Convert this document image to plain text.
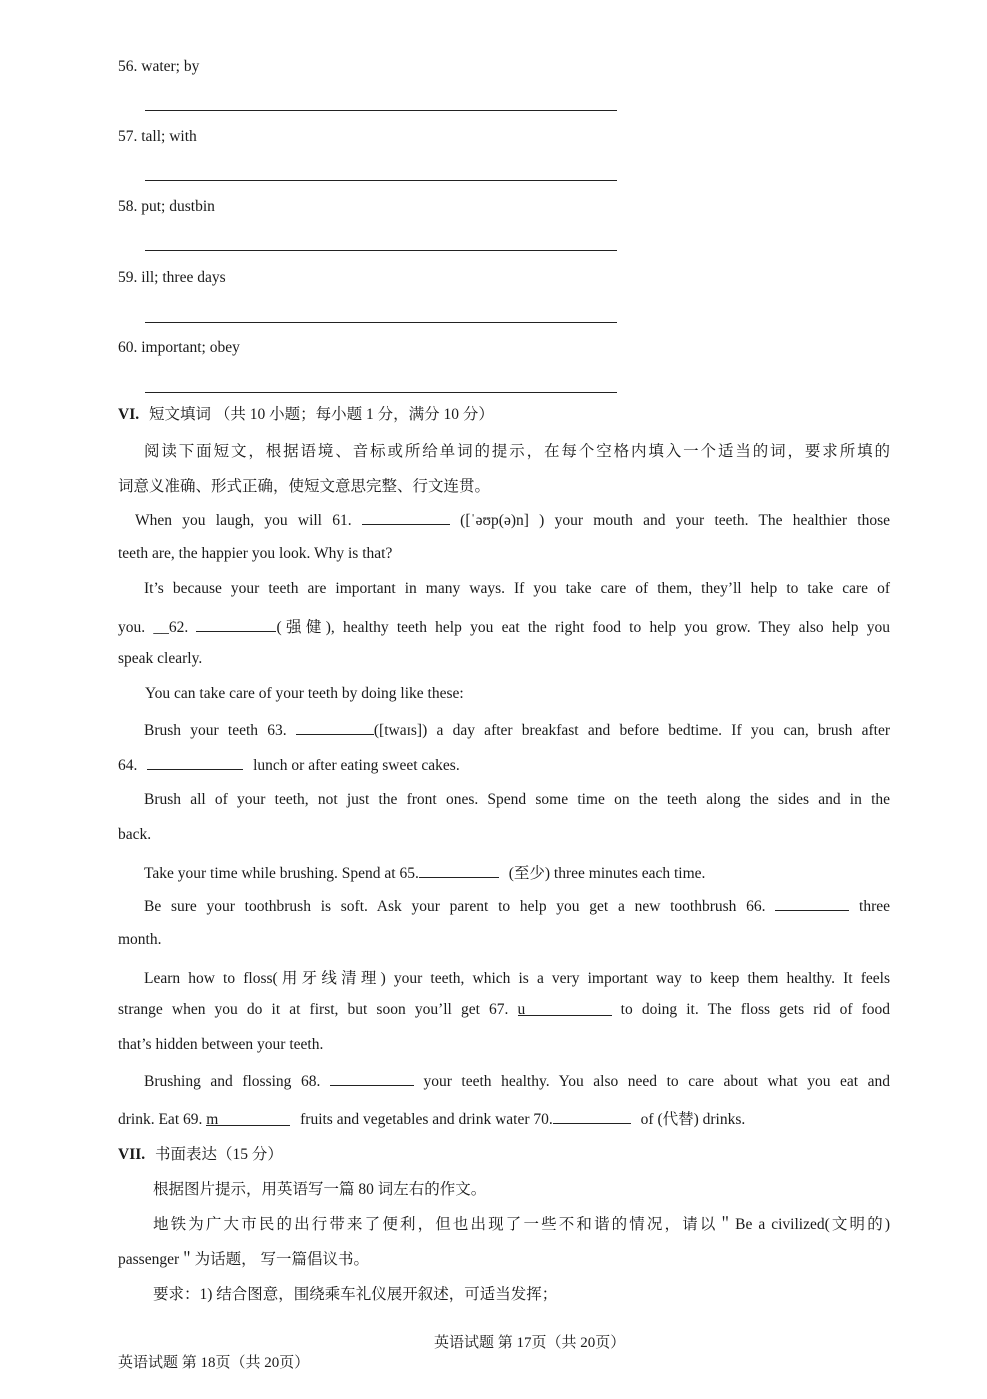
56. water; by
57. tall; with
58. put; dustbin
59. ill; three days
60. important; obey
VI. 短文填词 （共 10 小题；每小题 1 分，满分 10 分）
阅读下面短文，根据语境、音标或所给单词的提示，在每个空格内填入一个适当的词，要求所填的
词意义准确、形式正确，使短文意思完整、行文连贯。
When you laugh, you will 61.	([ˈəʊp(ə)n] ) your mouth and your teeth. The healthier those
teeth are, the happier you look. Why is that?
It’s because your teeth are important in many ways. If you take care of them, they’ll help to take care of
you. __62.	(强健), healthy teeth help you eat the right food to help you grow. They also help you
speak clearly.
You can take care of your teeth by doing like these:
Brush your teeth 63.	([twaɪs]) a day after breakfast and before bedtime. If you can, brush after
64.	lunch or after eating sweet cakes.
Brush all of your teeth, not just the front ones. Spend some time on the teeth along the sides and in the
back.
Take your time while brushing. Spend at 65.	(至少) three minutes each time.
Be sure your toothbrush is soft. Ask your parent to help you get a new toothbrush 66.	three
month.
Learn how to floss(用牙线清理) your teeth, which is a very important way to keep them healthy. It feels
strange when you do it at first, but soon you’ll get 67. u	to doing it. The floss gets rid of food
that’s hidden between your teeth.
Brushing and flossing 68.	your teeth healthy. You also need to care about what you eat and
drink. Eat 69. m	fruits and vegetables and drink water 70.	of (代替) drinks.
VII. 书面表达（15 分）
根据图片提示，用英语写一篇 80 词左右的作文。
地铁为广大市民的出行带来了便利，但也出现了一些不和谐的情况，请以＂Be a civilized(文明的)
passenger＂为话题， 写一篇倡议书。
要求：1) 结合图意，围绕乘车礼仪展开叙述，可适当发挥；
英语试题 第 17页（共 20页）
英语试题 第 18页（共 20页）
